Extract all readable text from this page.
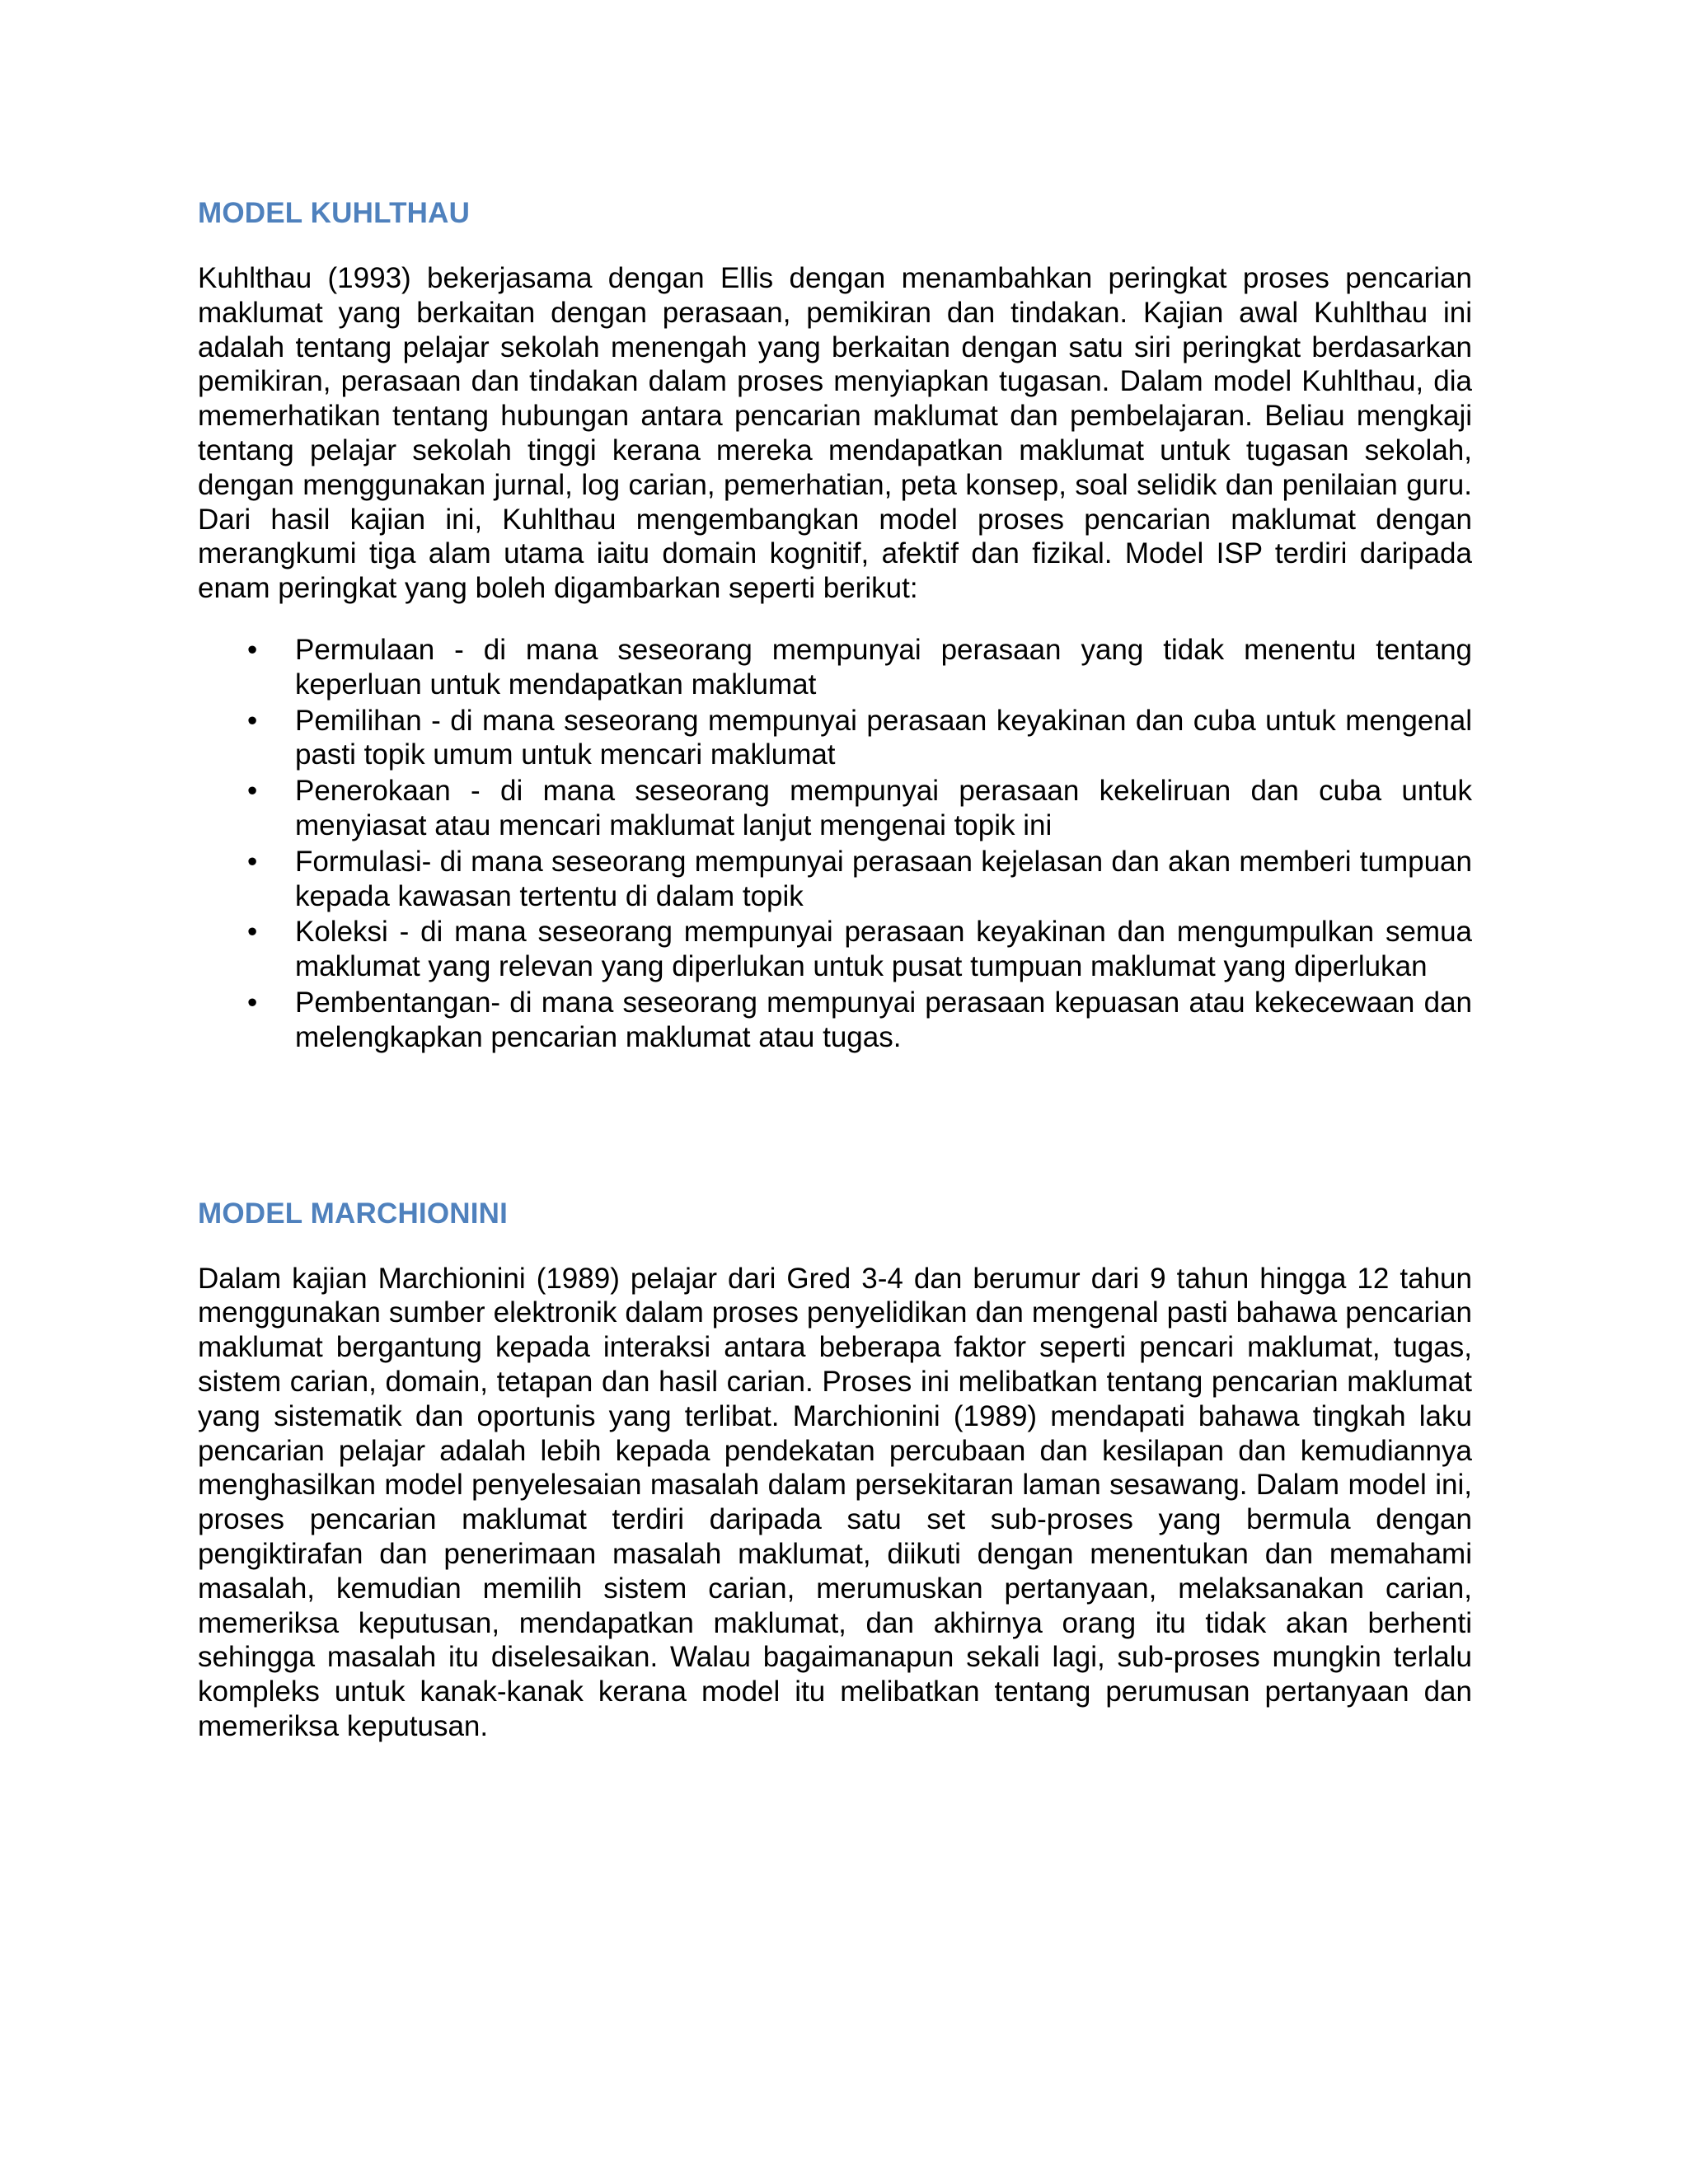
MODEL KUHLTHAU

Kuhlthau (1993) bekerjasama dengan Ellis dengan menambahkan peringkat proses pencarian maklumat yang berkaitan dengan perasaan, pemikiran dan tindakan. Kajian awal Kuhlthau ini adalah tentang pelajar sekolah menengah yang berkaitan dengan satu siri peringkat berdasarkan pemikiran, perasaan dan tindakan dalam proses menyiapkan tugasan. Dalam model Kuhlthau, dia memerhatikan tentang hubungan antara pencarian maklumat dan pembelajaran. Beliau mengkaji tentang pelajar sekolah tinggi kerana mereka mendapatkan maklumat untuk tugasan sekolah, dengan menggunakan jurnal, log carian, pemerhatian, peta konsep, soal selidik dan penilaian guru. Dari hasil kajian ini, Kuhlthau mengembangkan model proses pencarian maklumat dengan merangkumi tiga alam utama iaitu domain kognitif, afektif dan fizikal. Model ISP terdiri daripada enam peringkat yang boleh digambarkan seperti berikut:

• Permulaan - di mana seseorang mempunyai perasaan yang tidak menentu tentang keperluan untuk mendapatkan maklumat
• Pemilihan - di mana seseorang mempunyai perasaan keyakinan dan cuba untuk mengenal pasti topik umum untuk mencari maklumat
• Penerokaan - di mana seseorang mempunyai perasaan kekeliruan dan cuba untuk menyiasat atau mencari maklumat lanjut mengenai topik ini
• Formulasi- di mana seseorang mempunyai perasaan kejelasan dan akan memberi tumpuan kepada kawasan tertentu di dalam topik
• Koleksi - di mana seseorang mempunyai perasaan keyakinan dan mengumpulkan semua maklumat yang relevan yang diperlukan untuk pusat tumpuan maklumat yang diperlukan
• Pembentangan- di mana seseorang mempunyai perasaan kepuasan atau kekecewaan dan melengkapkan pencarian maklumat atau tugas.
MODEL MARCHIONINI

Dalam kajian Marchionini (1989) pelajar dari Gred 3-4 dan berumur dari 9 tahun hingga 12 tahun menggunakan sumber elektronik dalam proses penyelidikan dan mengenal pasti bahawa pencarian maklumat bergantung kepada interaksi antara beberapa faktor seperti pencari maklumat, tugas, sistem carian, domain, tetapan dan hasil carian. Proses ini melibatkan tentang pencarian maklumat yang sistematik dan oportunis yang terlibat. Marchionini (1989) mendapati bahawa tingkah laku pencarian pelajar adalah lebih kepada pendekatan percubaan dan kesilapan dan kemudiannya menghasilkan model penyelesaian masalah dalam persekitaran laman sesawang. Dalam model ini, proses pencarian maklumat terdiri daripada satu set sub-proses yang bermula dengan pengiktirafan dan penerimaan masalah maklumat, diikuti dengan menentukan dan memahami masalah, kemudian memilih sistem carian, merumuskan pertanyaan, melaksanakan carian, memeriksa keputusan, mendapatkan maklumat, dan akhirnya orang itu tidak akan berhenti sehingga masalah itu diselesaikan. Walau bagaimanapun sekali lagi, sub-proses mungkin terlalu kompleks untuk kanak-kanak kerana model itu melibatkan tentang perumusan pertanyaan dan memeriksa keputusan.
